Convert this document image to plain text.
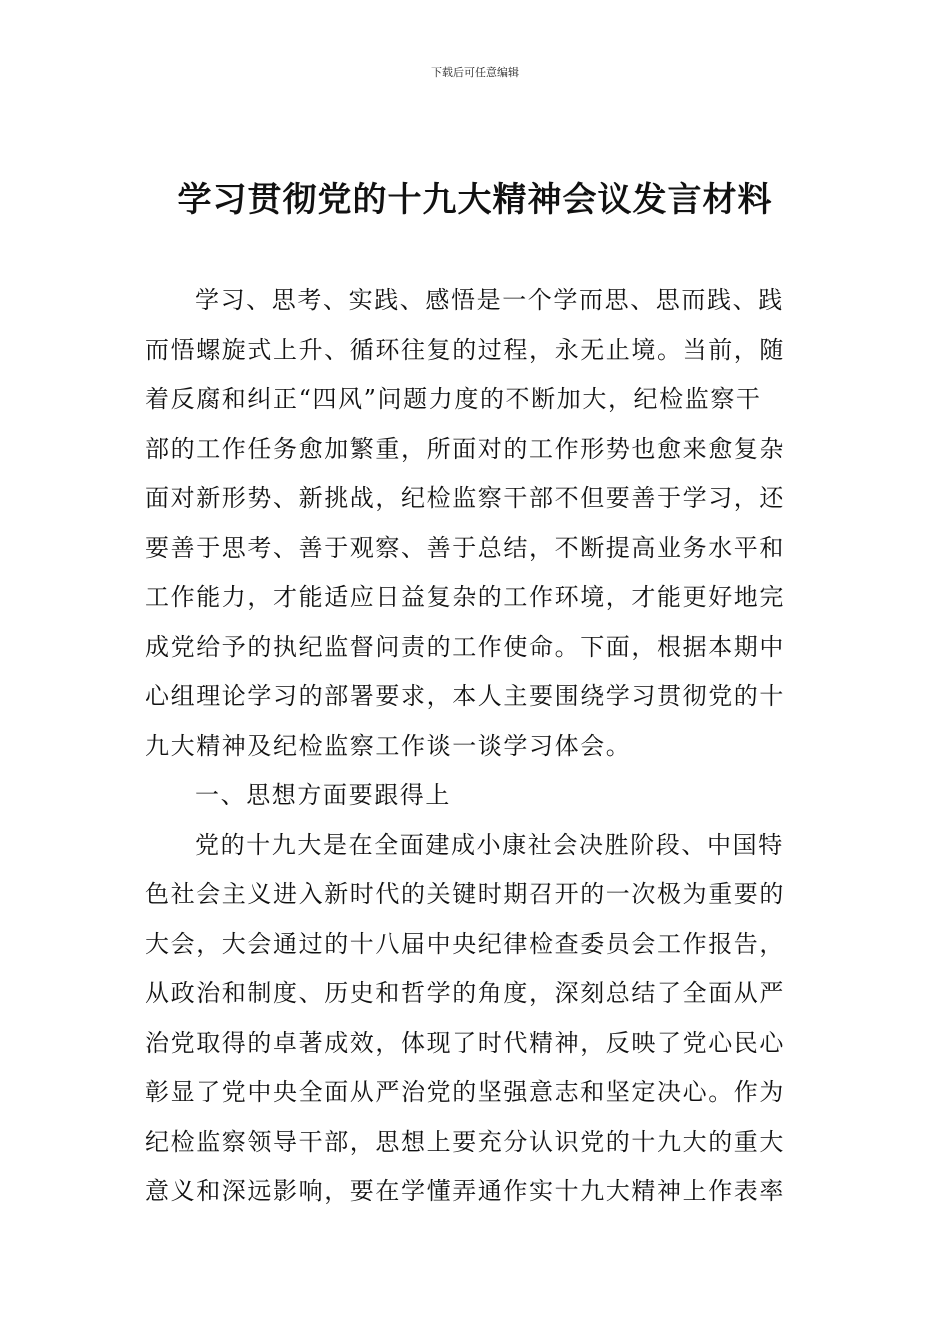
下载后可任意编辑
学习贯彻党的十九大精神会议发言材料

学习、思考、实践、感悟是一个学而思、思而践、践
而悟螺旋式上升、循环往复的过程，永无止境。当前，随
着反腐和纠正“四风”问题力度的不断加大，纪检监察干
部的工作任务愈加繁重，所面对的工作形势也愈来愈复杂
面对新形势、新挑战，纪检监察干部不但要善于学习，还
要善于思考、善于观察、善于总结，不断提高业务水平和
工作能力，才能适应日益复杂的工作环境，才能更好地完
成党给予的执纪监督问责的工作使命。下面，根据本期中
心组理论学习的部署要求，本人主要围绕学习贯彻党的十
九大精神及纪检监察工作谈一谈学习体会。

一、思想方面要跟得上

党的十九大是在全面建成小康社会决胜阶段、中国特
色社会主义进入新时代的关键时期召开的一次极为重要的
大会，大会通过的十八届中央纪律检查委员会工作报告，
从政治和制度、历史和哲学的角度，深刻总结了全面从严
治党取得的卓著成效，体现了时代精神，反映了党心民心
彰显了党中央全面从严治党的坚强意志和坚定决心。作为
纪检监察领导干部，思想上要充分认识党的十九大的重大
意义和深远影响，要在学懂弄通作实十九大精神上作表率
